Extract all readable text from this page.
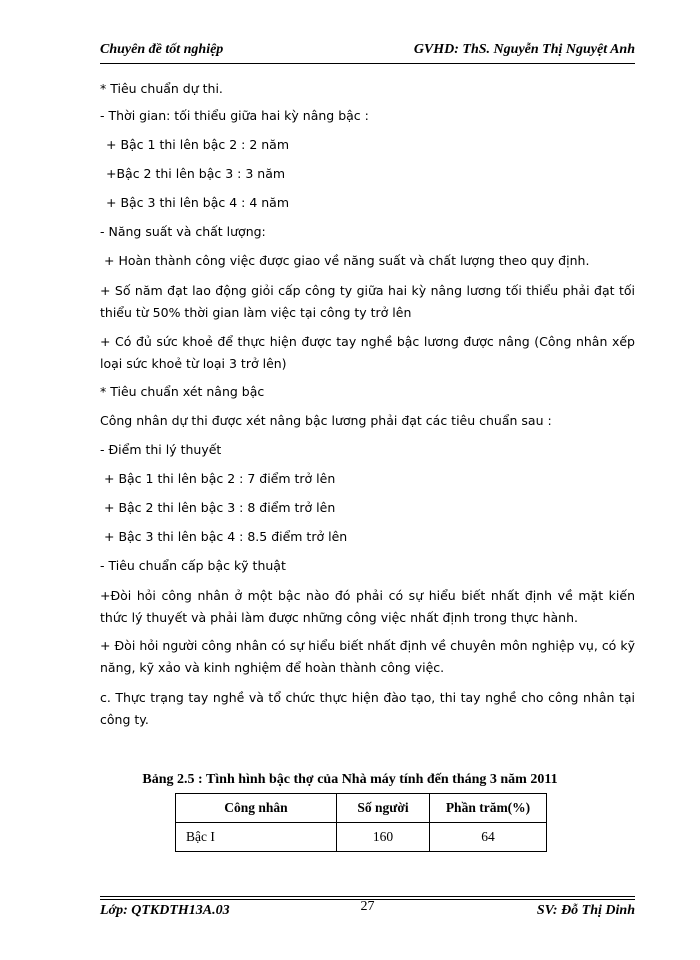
Chuyên đề tốt nghiệp	GVHD: ThS. Nguyễn Thị Nguyệt Anh
* Tiêu chuẩn dự thi.
- Thời gian: tối thiểu giữa hai kỳ nâng bậc :
+ Bậc 1 thi lên bậc 2 : 2 năm
+Bậc 2 thi lên bậc 3 : 3 năm
+ Bậc 3 thi lên bậc 4 : 4 năm
- Năng suất và chất lượng:
+ Hoàn thành công việc được giao về năng suất và chất lượng theo quy định.
+ Số năm đạt lao động giỏi cấp công ty giữa hai kỳ nâng lương tối thiểu phải đạt tối thiểu từ 50% thời gian làm việc tại công ty trở lên
+ Có đủ sức khoẻ để thực hiện được tay nghề bậc lương được nâng (Công nhân xếp loại sức khoẻ từ loại 3 trở lên)
* Tiêu chuẩn xét nâng bậc
Công nhân dự thi được xét nâng bậc lương phải đạt các tiêu chuẩn sau :
- Điểm thi lý thuyết
+ Bậc 1 thi lên bậc 2 : 7 điểm trở lên
+ Bậc 2 thi lên bậc 3 : 8 điểm trở lên
+ Bậc 3 thi lên bậc 4 : 8.5 điểm trở lên
- Tiêu chuẩn cấp bậc kỹ thuật
+Đòi hỏi công nhân ở một bậc nào đó phải có sự hiểu biết nhất định về mặt kiến thức lý thuyết và phải làm được những công việc nhất định trong thực hành.
+ Đòi hỏi người công nhân có sự hiểu biết nhất định về chuyên môn nghiệp vụ, có kỹ năng, kỹ xảo và kinh nghiệm để hoàn thành công việc.
c. Thực trạng tay nghề và tổ chức thực hiện đào tạo, thi tay nghề cho công nhân tại công ty.
Bảng 2.5 : Tình hình bậc thợ của Nhà máy tính đến tháng 3 năm 2011
Công nhân	Số người	Phần trăm(%)
Bậc I	160	64
Lớp: QTKDTH13A.03	27	SV: Đỗ Thị Dinh
